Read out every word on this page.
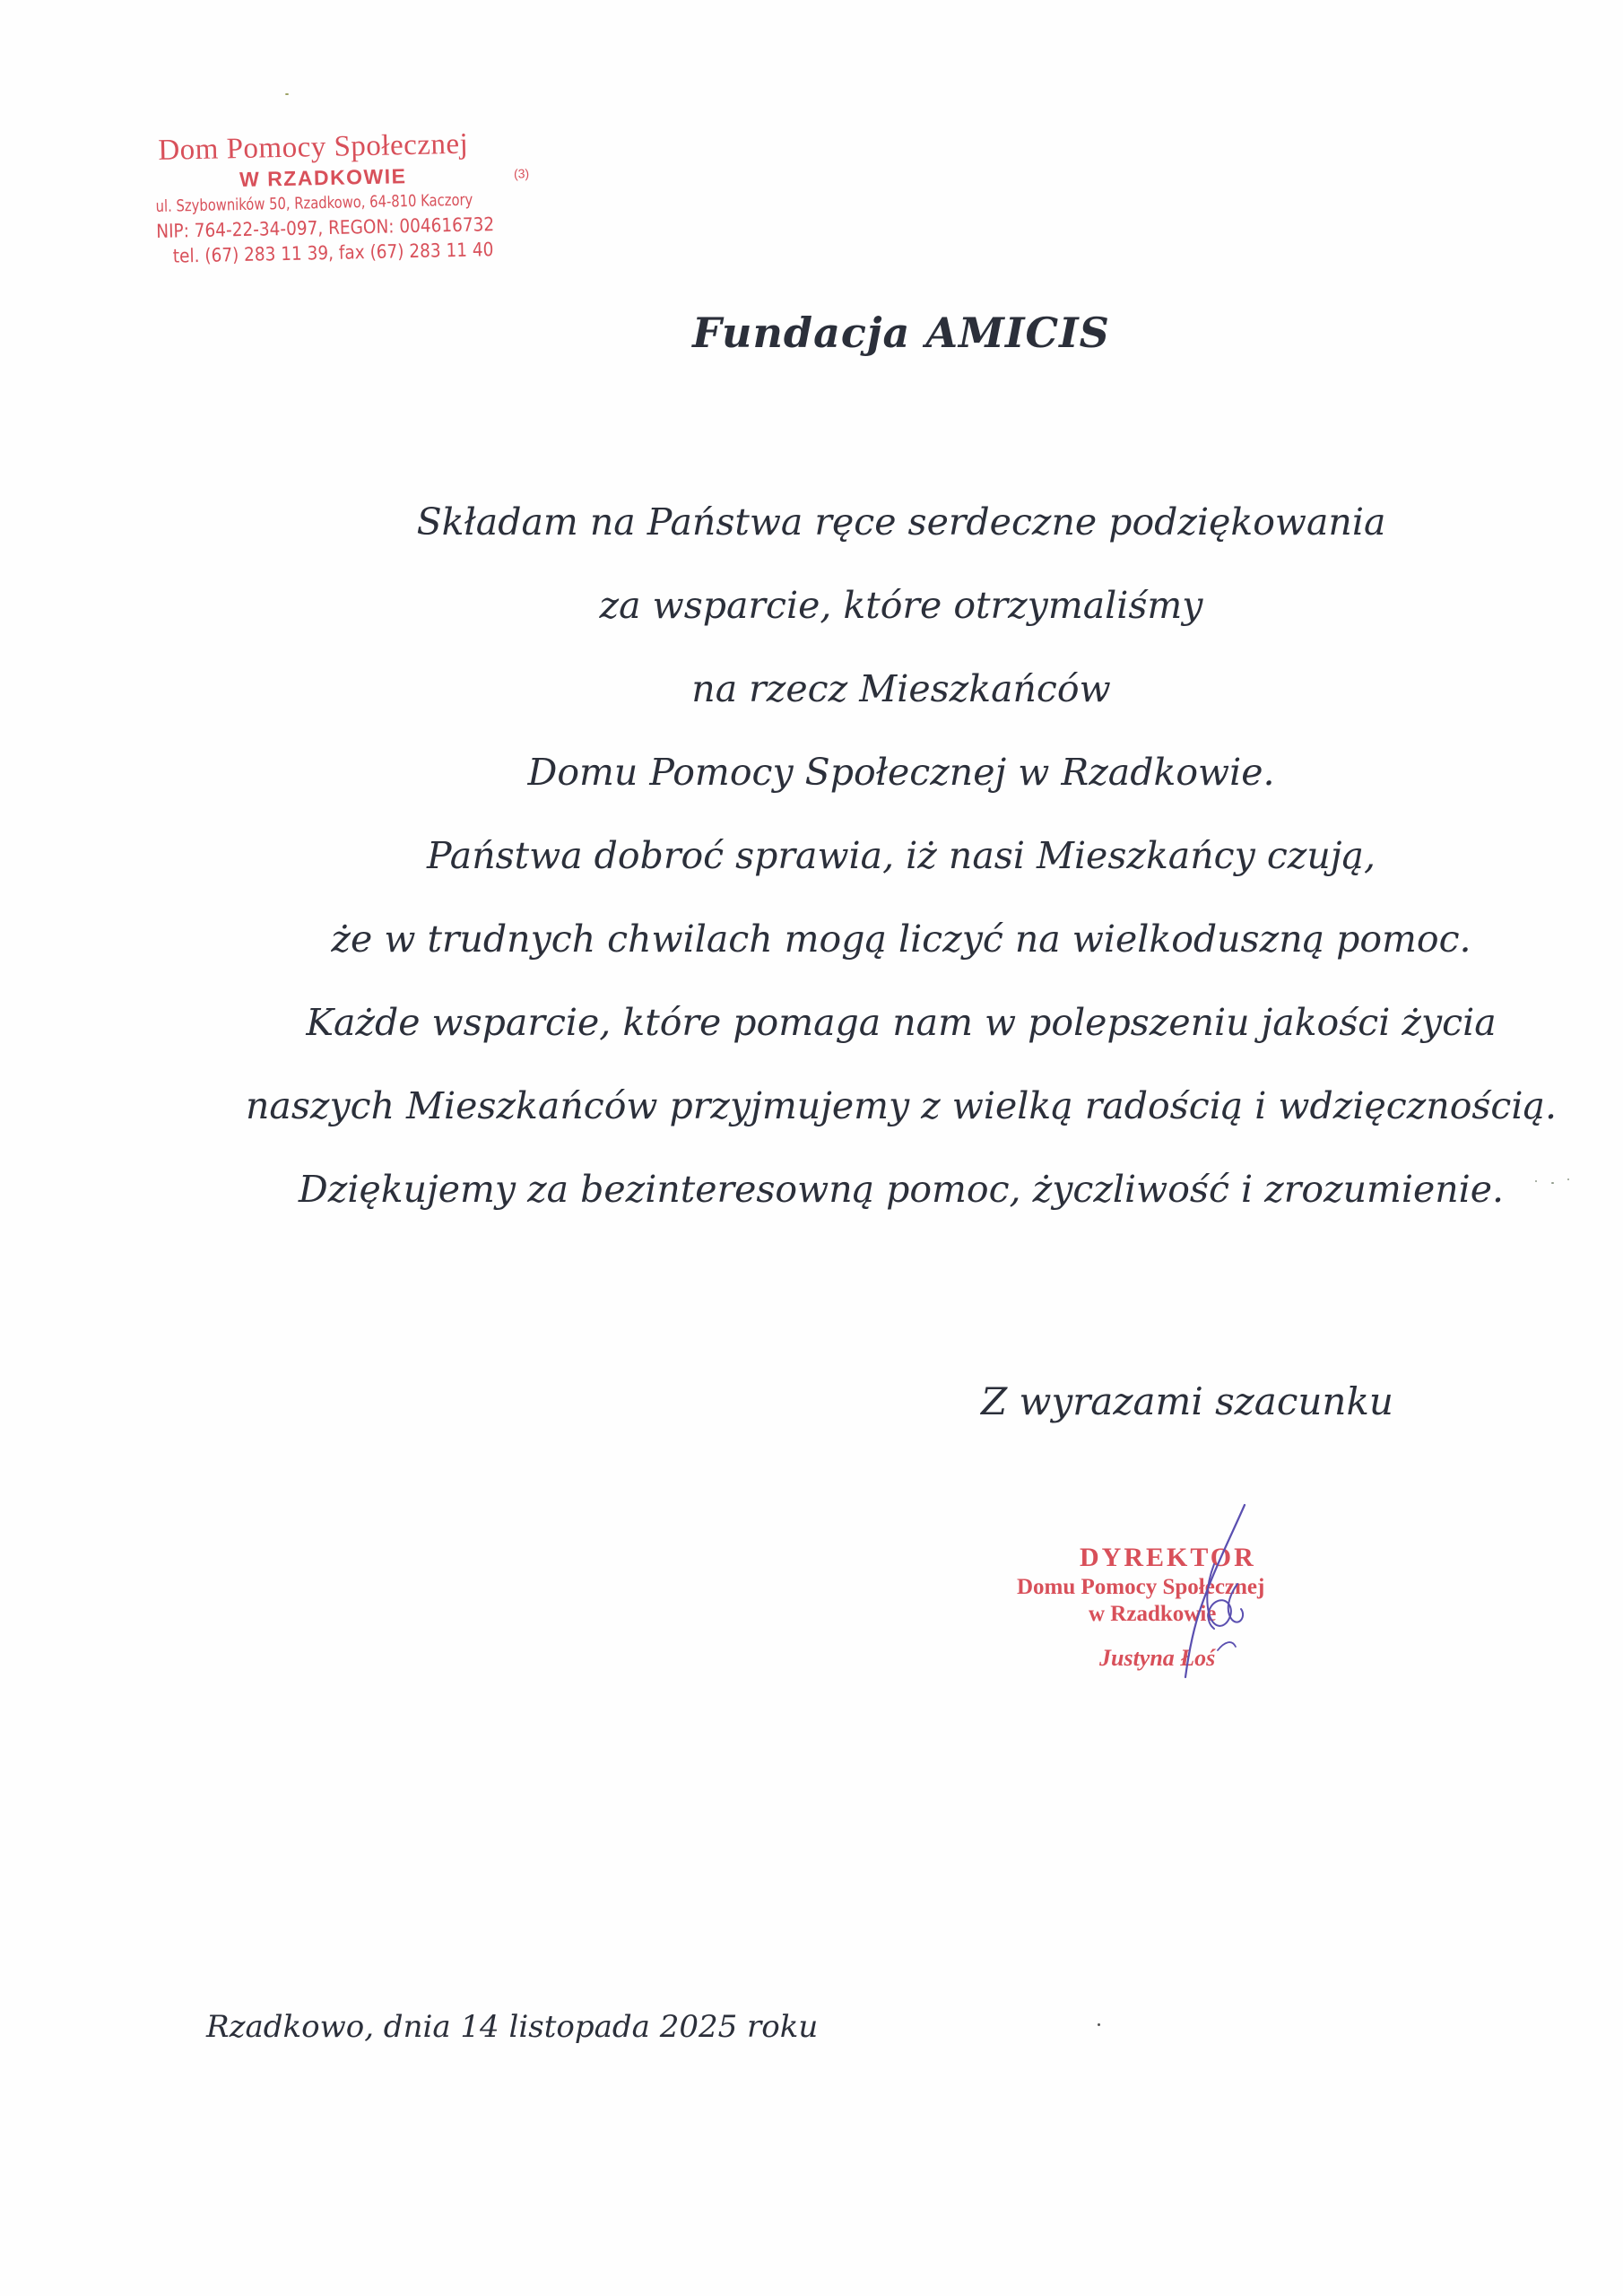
Dom Pomocy Społecznej
W RZADKOWIE	(3)
ul. Szybowników 50, Rzadkowo, 64-810 Kaczory
NIP: 764-22-34-097, REGON: 004616732
tel. (67) 283 11 39, fax (67) 283 11 40
Fundacja AMICIS
Składam na Państwa ręce serdeczne podziękowania
za wsparcie, które otrzymaliśmy
na rzecz Mieszkańców
Domu Pomocy Społecznej w Rzadkowie.
Państwa dobroć sprawia, iż nasi Mieszkańcy czują,
że w trudnych chwilach mogą liczyć na wielkoduszną pomoc.
Każde wsparcie, które pomaga nam w polepszeniu jakości życia
naszych Mieszkańców przyjmujemy z wielką radością i wdzięcznością.
Dziękujemy za bezinteresowną pomoc, życzliwość i zrozumienie.
Z wyrazami szacunku
DYREKTOR
Domu Pomocy Społecznej
w Rzadkowie
Justyna Łoś
Rzadkowo, dnia 14 listopada 2025 roku
